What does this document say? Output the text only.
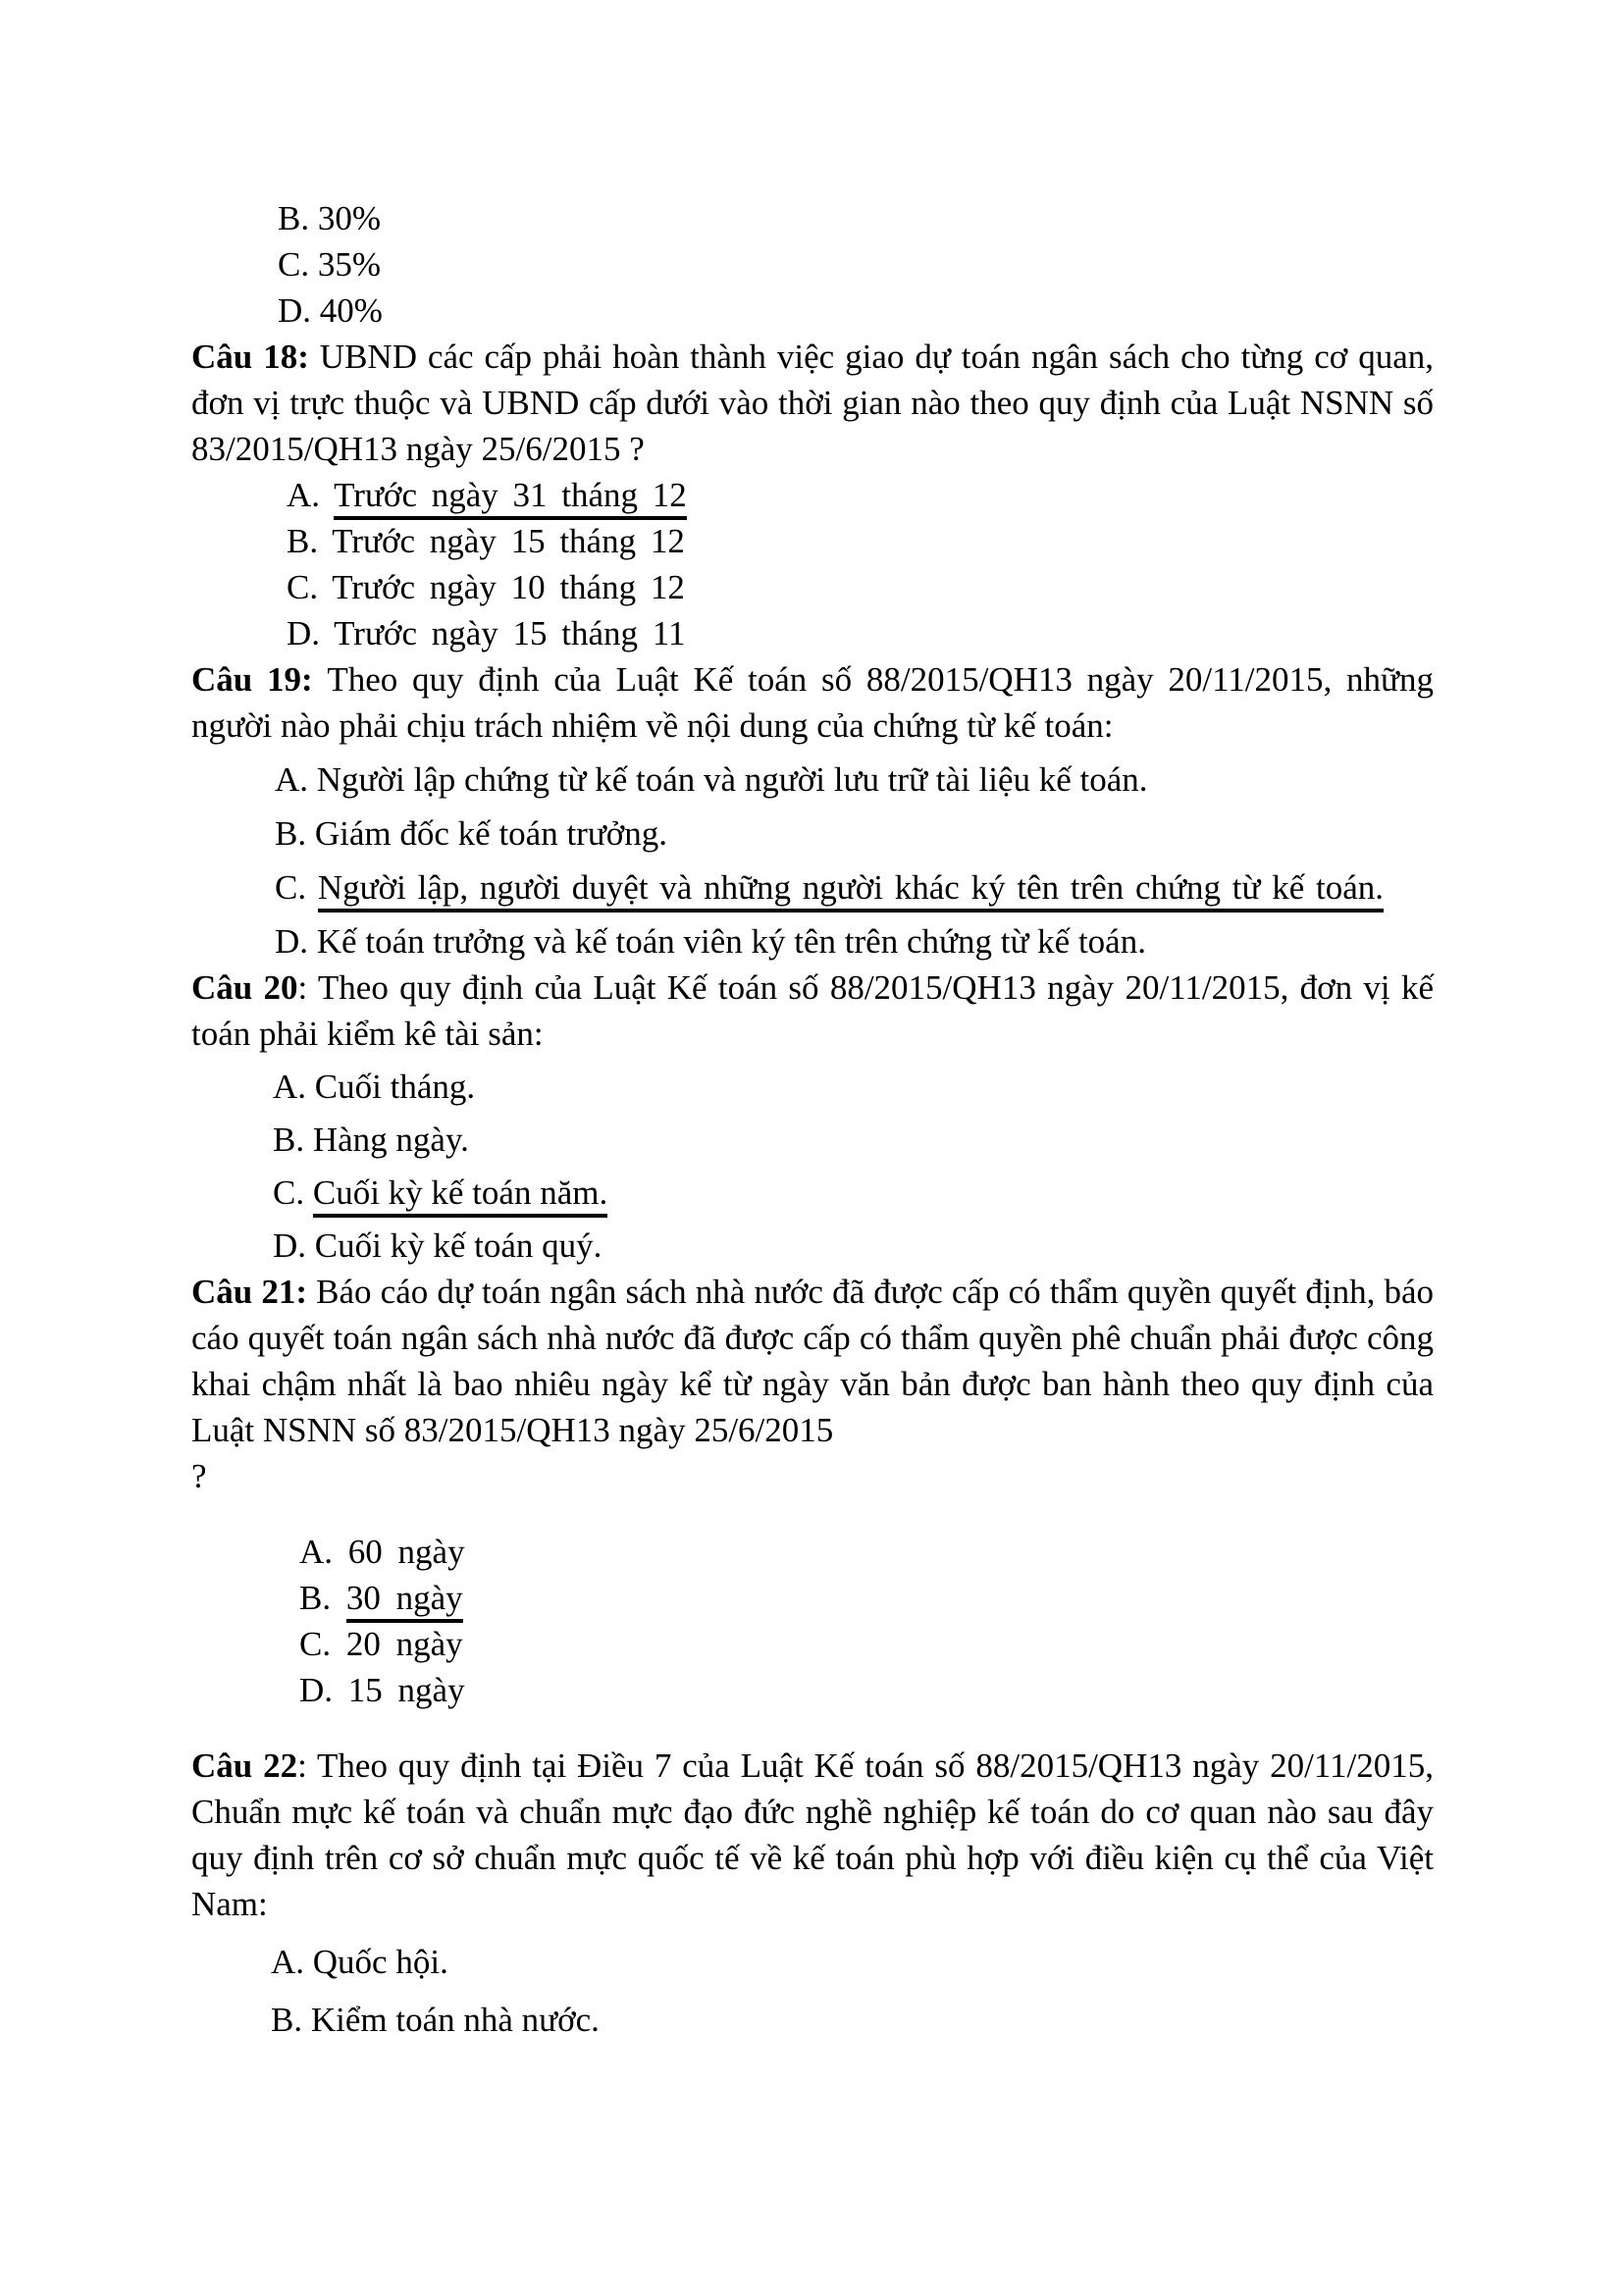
B. 30%

C. 35%

D. 40%

Câu 18: UBND các cấp phải hoàn thành việc giao dự toán ngân sách cho từng cơ quan, đơn vị trực thuộc và UBND cấp dưới vào thời gian nào theo quy định của Luật NSNN số 83/2015/QH13 ngày 25/6/2015 ?

A. Trước ngày 31 tháng 12

B. Trước ngày 15 tháng 12

C. Trước ngày 10 tháng 12

D. Trước ngày 15 tháng 11

Câu 19: Theo quy định của Luật Kế toán số 88/2015/QH13 ngày 20/11/2015, những người nào phải chịu trách nhiệm về nội dung của chứng từ kế toán:

A. Người lập chứng từ kế toán và người lưu trữ tài liệu kế toán.

B. Giám đốc kế toán trưởng.

C. Người lập, người duyệt và những người khác ký tên trên chứng từ kế toán.

D. Kế toán trưởng và kế toán viên ký tên trên chứng từ kế toán.

Câu 20: Theo quy định của Luật Kế toán số 88/2015/QH13 ngày 20/11/2015, đơn vị kế toán phải kiểm kê tài sản:

A. Cuối tháng.

B. Hàng ngày.

C. Cuối kỳ kế toán năm.

D. Cuối kỳ kế toán quý.

Câu 21: Báo cáo dự toán ngân sách nhà nước đã được cấp có thẩm quyền quyết định, báo cáo quyết toán ngân sách nhà nước đã được cấp có thẩm quyền phê chuẩn phải được công khai chậm nhất là bao nhiêu ngày kể từ ngày văn bản được ban hành theo quy định của Luật NSNN số 83/2015/QH13 ngày 25/6/2015

?

A. 60 ngày

B. 30 ngày

C. 20 ngày

D. 15 ngày

Câu 22: Theo quy định tại Điều 7 của Luật Kế toán số 88/2015/QH13 ngày 20/11/2015, Chuẩn mực kế toán và chuẩn mực đạo đức nghề nghiệp kế toán do cơ quan nào sau đây quy định trên cơ sở chuẩn mực quốc tế về kế toán phù hợp với điều kiện cụ thể của Việt Nam:

A. Quốc hội.

B. Kiểm toán nhà nước.
